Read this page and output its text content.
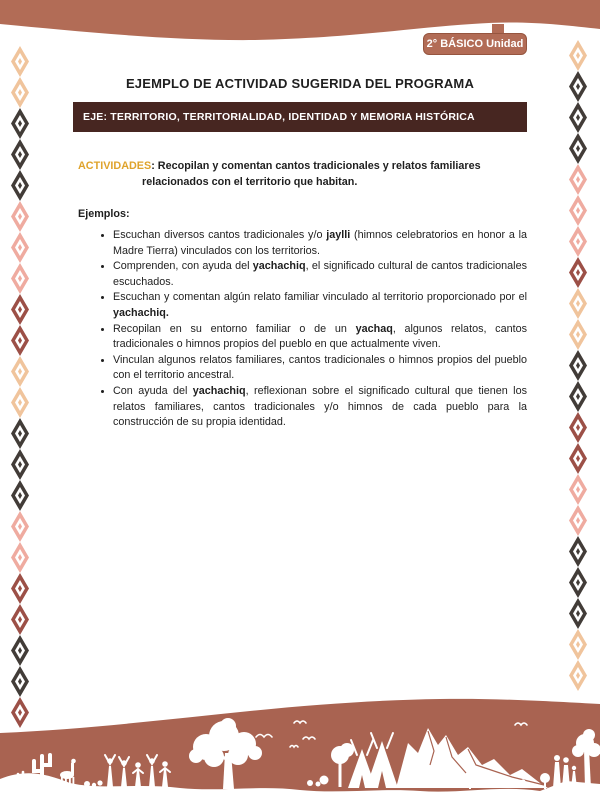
2° BÁSICO Unidad 4
EJEMPLO DE ACTIVIDAD SUGERIDA DEL PROGRAMA
EJE: TERRITORIO, TERRITORIALIDAD, IDENTIDAD Y MEMORIA HISTÓRICA

ACTIVIDADES: Recopilan y comentan cantos tradicionales y relatos familiares relacionados con el territorio que habitan.

Ejemplos:

• Escuchan diversos cantos tradicionales y/o jaylli (himnos celebratorios en honor a la Madre Tierra) vinculados con los territorios.
• Comprenden, con ayuda del yachachiq, el significado cultural de cantos tradicionales escuchados.
• Escuchan y comentan algún relato familiar vinculado al territorio proporcionado por el yachachiq.
• Recopilan en su entorno familiar o de un yachaq, algunos relatos, cantos tradicionales o himnos propios del pueblo en que actualmente viven.
• Vinculan algunos relatos familiares, cantos tradicionales o himnos propios del pueblo con el territorio ancestral.
• Con ayuda del yachachiq, reflexionan sobre el significado cultural que tienen los relatos familiares, cantos tradicionales y/o himnos de cada pueblo para la construcción de su propia identidad.
